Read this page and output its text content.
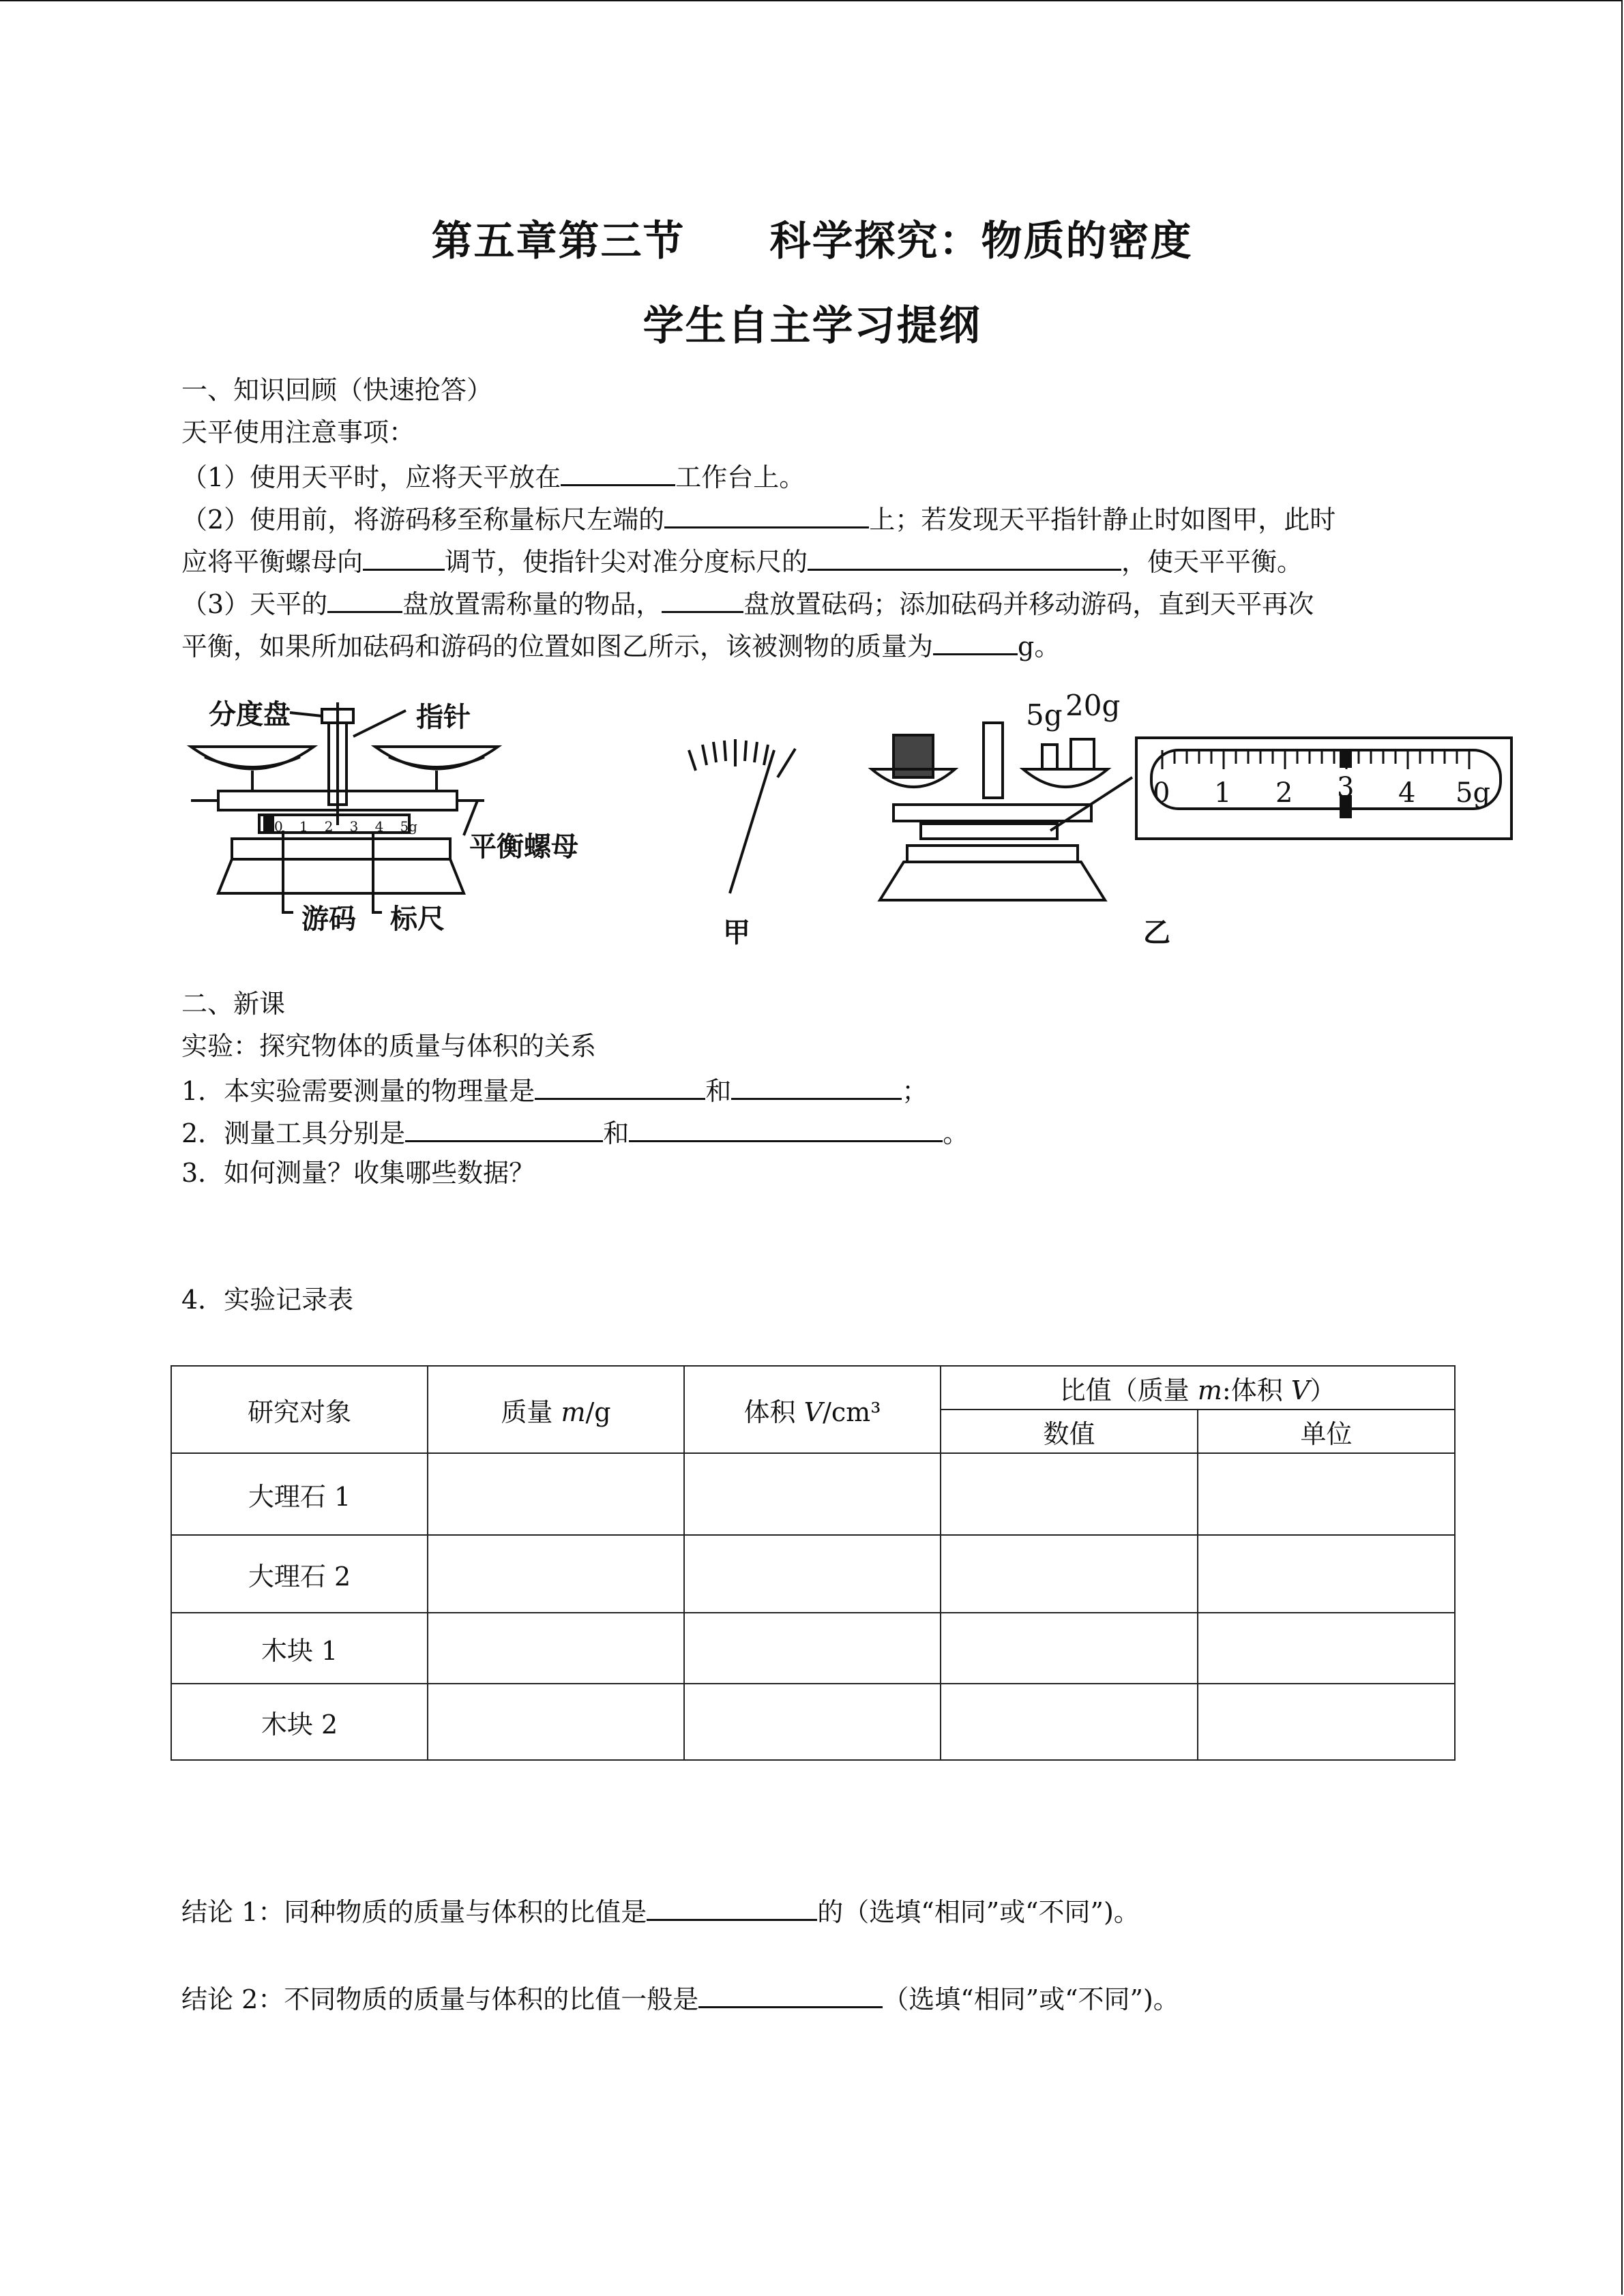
第五章第三节　　科学探究：物质的密度
学生自主学习提纲
一、知识回顾（快速抢答）
天平使用注意事项：
（1）使用天平时，应将天平放在	工作台上。
（2）使用前，将游码移至称量标尺左端的	上；若发现天平指针静止时如图甲，此时
应将平衡螺母向	调节，使指针尖对准分度标尺的	，使天平平衡。
（3）天平的	盘放置需称量的物品，	盘放置砝码；添加砝码并移动游码，直到天平再次
平衡，如果所加砝码和游码的位置如图乙所示，该被测物的质量为	g。
分度盘	指针
平衡螺母
游码 标尺
0 1 2 3 4 5g
甲
5g 20g
乙
0 1 2 3 4 5g
二、新课
实验：探究物体的质量与体积的关系
1．本实验需要测量的物理量是	和	；
2．测量工具分别是	和	。
3．如何测量？收集哪些数据？
4．实验记录表
研究对象	质量 m/g	体积 V/cm³	比值（质量 m:体积 V）	
			数值	单位
大理石 1				
大理石 2				
木块 1				
木块 2				
结论 1：同种物质的质量与体积的比值是	的（选填“相同”或“不同”)。
结论 2：不同物质的质量与体积的比值一般是	（选填“相同”或“不同”)。
